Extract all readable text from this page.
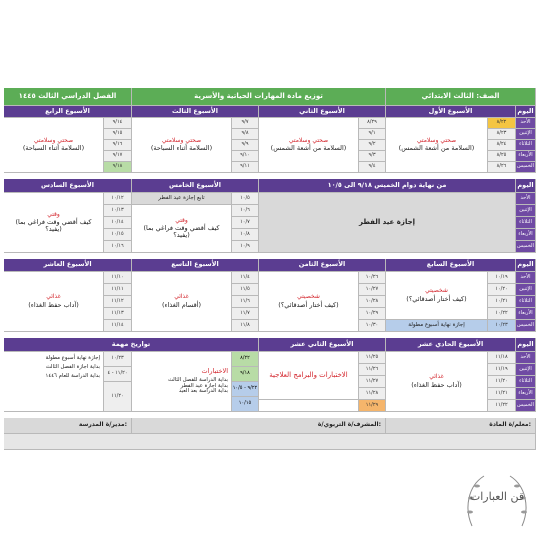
الصف: الثالث الابتدائي
توزيع مادة المهارات الحياتية والأسرية
الفصل الدراسي الثالث ١٤٤٥
اليوم
الأسبوع الأول
الأسبوع الثاني
الأسبوع الثالث
الأسبوع الرابع
الأحد
الإثنين
الثلاثاء
الأربعاء
الخميس
٨/٢٢
٨/٢٣
٨/٢٤
٨/٢٥
٨/٢٦
صحتي وسلامتي
(السلامة من أشعة الشمس)
٨/٢٩
٩/١
٩/٢
٩/٣
٩/٤
صحتي وسلامتي
(السلامة من أشعة الشمس)
٩/٧
٩/٨
٩/٩
٩/١٠
٩/١١
صحتي وسلامتي
(السلامة أثناء السباحة)
٩/١٤
٩/١٥
٩/١٦
٩/١٧
٩/١٨
صحتي وسلامتي
(السلامة أثناء السباحة)
اليوم
من نهاية دوام الخميس ٩/١٨ الى ١٠/٥
الأسبوع الخامس
الأسبوع السادس
الأحد
الإثنين
الثلاثاء
الأربعاء
الخميس
إجازة عيد الفطر
١٠/٥
١٠/٦
١٠/٧
١٠/٨
١٠/٩
تابع إجازة عيد الفطر
وقتي
(كيف أقضي وقت فراغي بما يفيد؟)
١٠/١٢
١٠/١٣
١٠/١٤
١٠/١٥
١٠/١٦
وقتي
(كيف أقضي وقت فراغي بما يفيد؟)
اليوم
الأسبوع السابع
الأسبوع الثامن
الأسبوع التاسع
الأسبوع العاشر
الأحد
الإثنين
الثلاثاء
الأربعاء
الخميس
١٠/١٩
١٠/٢٠
١٠/٢١
١٠/٢٢
١٠/٢٣
شخصيتي
(كيف أختار أصدقائي؟)
إجازة نهاية أسبوع مطولة
١٠/٢٦
١٠/٢٧
١٠/٢٨
١٠/٢٩
١٠/٣٠
شخصيتي
(كيف أختار أصدقائي؟)
١١/٤
١١/٥
١١/٦
١١/٧
١١/٨
غذائي
(أقسام الغذاء)
١١/١٠
١١/١١
١١/١٢
١١/١٣
١١/١٤
غذائي
(آداب حفظ الغذاء)
اليوم
الأسبوع الحادي عشر
الأسبوع الثاني عشر
تواريخ مهمة
الأحد
الإثنين
الثلاثاء
الأربعاء
الخميس
١١/١٨
١١/١٩
١١/٢٠
١١/٢١
١١/٢٢
غذائي
(آداب حفظ الغذاء)
١١/٢٥
١١/٢٦
١١/٢٧
١١/٢٨
١١/٢٩
الاختبارات والبرامج العلاجية
٨/٢٢
٩/١٨
٩/٢٢ - ١٠/٥
١٠/١٥
الاختبارات
بداية الدراسة للفصل الثالث
بداية اجازة عيد الفطر
بداية الدراسة بعد العيد
١٠/٢٣
١١/٢٠ - ٤
١١/٢٠
إجازة نهاية أسبوع مطولة
بداية اجازة الفصل الثالث
بداية الدراسة للعام ١٤٤٦
معلم/ة المادة:
المشرف/ة التربوي/ة:
مدير/ة المدرسة:
قن العبارات
